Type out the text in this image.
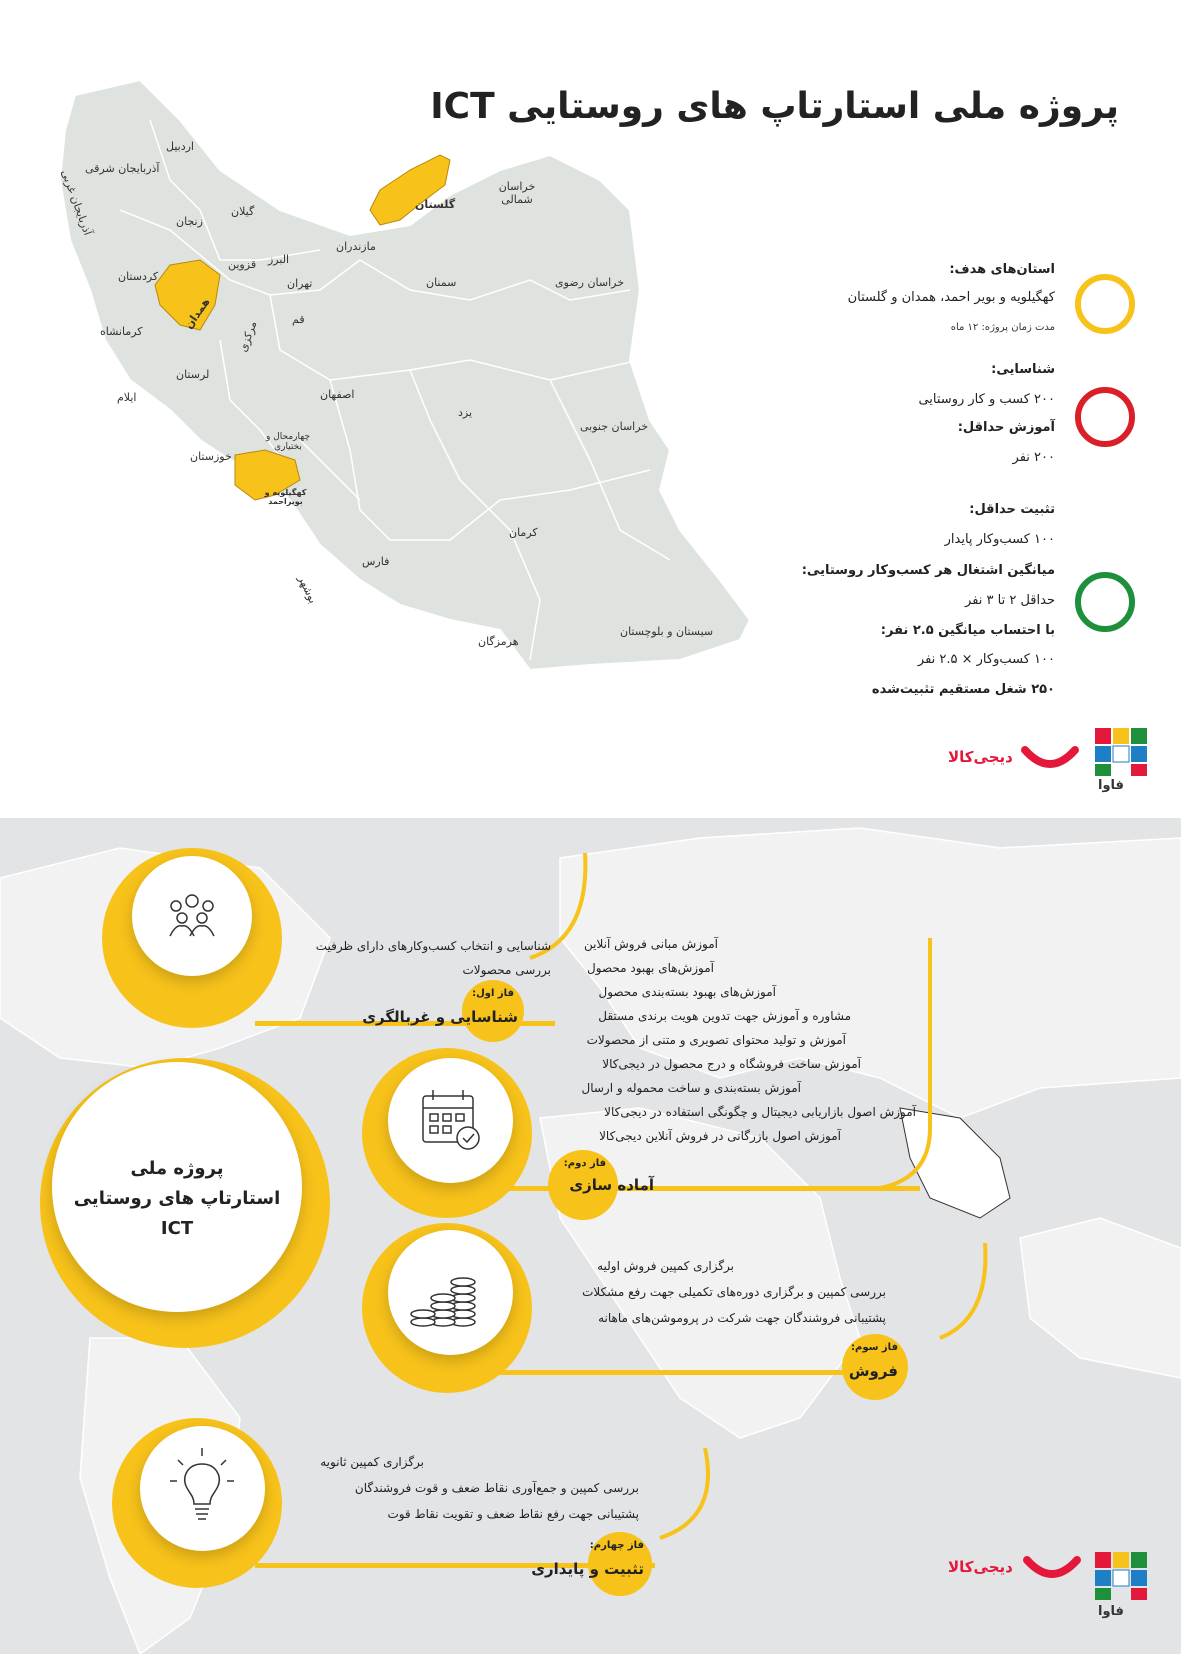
پروژه ملی استارتاپ های روستایی ICT
اردبیل
آذربایجان شرقی
آذربایجان غربی	زنجان
گیلان
قزوین
کردستان
البرز
تهران
مازندران
گلستان
خراسان شمالی
خراسان رضوی
سمنان
همدان
کرمانشاه	مرکزی	قم
لرستان
ایلام	اصفهان
یزد
خراسان جنوبی
چهارمحال و بختیاری
خوزستان
کهگیلویه و بویراحمد
کرمان
فارس
بوشهر
سیستان و بلوچستان
هرمزگان
استان‌های هدف:
کهگیلویه و بویر احمد، همدان و گلستان
مدت زمان پروژه: ۱۲ ماه
شناسایی:
۲۰۰ کسب و کار روستایی
آموزش حداقل:
۲۰۰ نفر
تثبیت حداقل:
۱۰۰ کسب‌و‌کار پایدار
میانگین اشتغال هر کسب‌و‌کار روستایی:
حداقل ۲ تا ۳ نفر
با احتساب میانگین ۲.۵ نفر:
۱۰۰ کسب‌و‌کار × ۲.۵ نفر
۲۵۰ شغل مستقیم تثبیت‌شده
دیجی‌کالا
فاوا
فاز اول:
شناسایی و غربالگری
شناسایی و انتخاب کسب‌وکارهای دارای ظرفیت
بررسی محصولات
پروژه ملی
استارتاپ های روستایی
ICT
فاز دوم:
آماده سازی
آموزش مبانی فروش آنلاین
آموزش‌های بهبود محصول
آموزش‌های بهبود بسته‌بندی محصول
مشاوره و آموزش جهت تدوین هویت برندی مستقل
آموزش و تولید محتوای تصویری و متنی از محصولات
آموزش ساخت فروشگاه و درج محصول در دیجی‌کالا
آموزش بسته‌بندی و ساخت محموله و ارسال
آموزش اصول بازاریابی دیجیتال و چگونگی استفاده در دیجی‌کالا
آموزش اصول بازرگانی در فروش آنلاین دیجی‌کالا
فاز سوم:
فروش
برگزاری کمپین فروش اولیه
بررسی کمپین و برگزاری دوره‌های تکمیلی جهت رفع مشکلات
پشتیبانی فروشندگان جهت شرکت در پروموشن‌های ماهانه
فاز چهارم:
تثبیت و پایداری
برگزاری کمپین ثانویه
بررسی کمپین و جمع‌آوری نقاط ضعف و قوت فروشندگان
پشتیبانی جهت رفع نقاط ضعف و تقویت نقاط قوت
دیجی‌کالا
فاوا
